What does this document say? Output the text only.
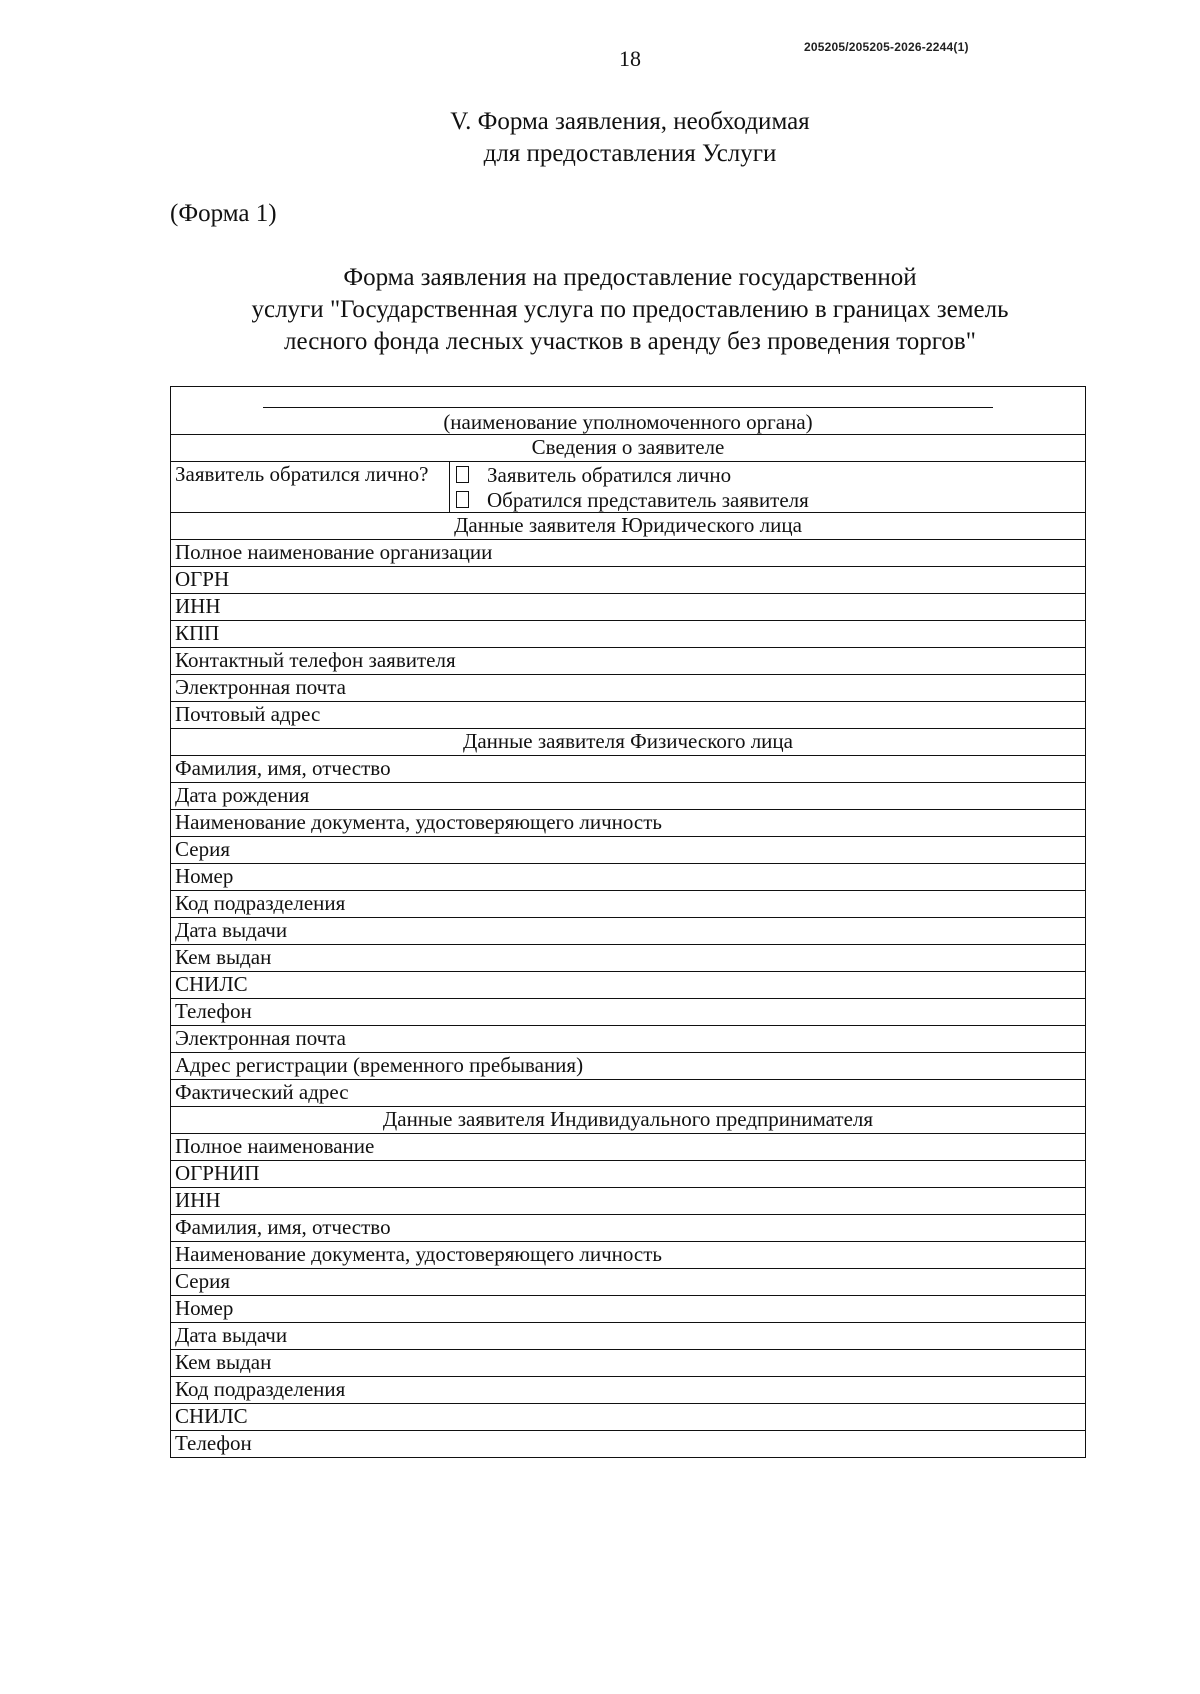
205205/205205-2026-2244(1)
18
V. Форма заявления, необходимая
для предоставления Услуги
(Форма 1)
Форма заявления на предоставление государственной
услуги "Государственная услуга по предоставлению в границах земель
лесного фонда лесных участков в аренду без проведения торгов"
(наименование уполномоченного органа)

Сведения о заявителе
Заявитель обратился лично?	Заявитель обратился лично
Обратился представитель заявителя

Данные заявителя Юридического лица
Полное наименование организации
ОГРН
ИНН
КПП
Контактный телефон заявителя
Электронная почта
Почтовый адрес
Данные заявителя Физического лица
Фамилия, имя, отчество
Дата рождения
Наименование документа, удостоверяющего личность
Серия
Номер
Код подразделения
Дата выдачи
Кем выдан
СНИЛС
Телефон
Электронная почта
Адрес регистрации (временного пребывания)
Фактический адрес
Данные заявителя Индивидуального предпринимателя
Полное наименование
ОГРНИП
ИНН
Фамилия, имя, отчество
Наименование документа, удостоверяющего личность
Серия
Номер
Дата выдачи
Кем выдан
Код подразделения
СНИЛС
Телефон
